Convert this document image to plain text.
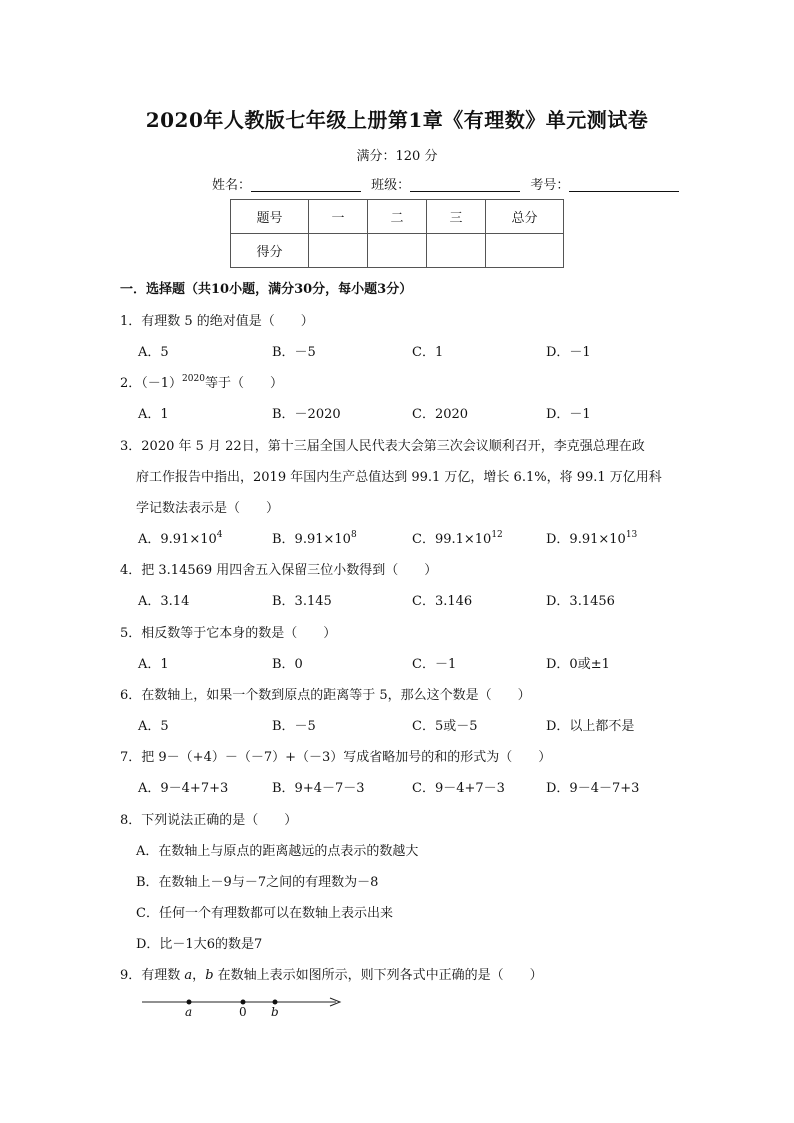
2020年人教版七年级上册第1章《有理数》单元测试卷
满分：120 分
姓名：	班级：	考号：
题号	一	二	三	总分
得分				
一．选择题（共10小题，满分30分，每小题3分）
1．有理数 5 的绝对值是（　　）
A．5	B．－5	C．1	D．－1
2．$(-1)^{2020}$等于（　　）
A．1	B．－2020	C．2020	D．－1
3．2020 年 5 月 22日，第十三届全国人民代表大会第三次会议顺利召开，李克强总理在政
府工作报告中指出，2019 年国内生产总值达到 99.1 万亿，增长 6.1%，将 99.1 万亿用科
学记数法表示是（　　）
A．$9.91\times 10^4$	B．$9.91\times 10^8$	C．$99.1\times 10^{12}$	D．$9.91\times 10^{13}$
4．把 3.14569 用四舍五入保留三位小数得到（　　）
A．3.14	B．3.145	C．3.146	D．3.1456
5．相反数等于它本身的数是（　　）
A．1	B．0	C．－1	D．0或±1
6．在数轴上，如果一个数到原点的距离等于 5，那么这个数是（　　）
A．5	B．－5	C．5或－5	D．以上都不是
7．把 9－（+4）－（－7）+（－3）写成省略加号的和的形式为（　　）
A．9－4+7+3	B．9+4－7－3	C．9－4+7－3	D．9－4－7+3
8．下列说法正确的是（　　）
A．在数轴上与原点的距离越远的点表示的数越大
B．在数轴上－9与－7之间的有理数为－8
C．任何一个有理数都可以在数轴上表示出来
D．比－1大6的数是7
9．有理数 a，b 在数轴上表示如图所示，则下列各式中正确的是（　　）
a	0 b
